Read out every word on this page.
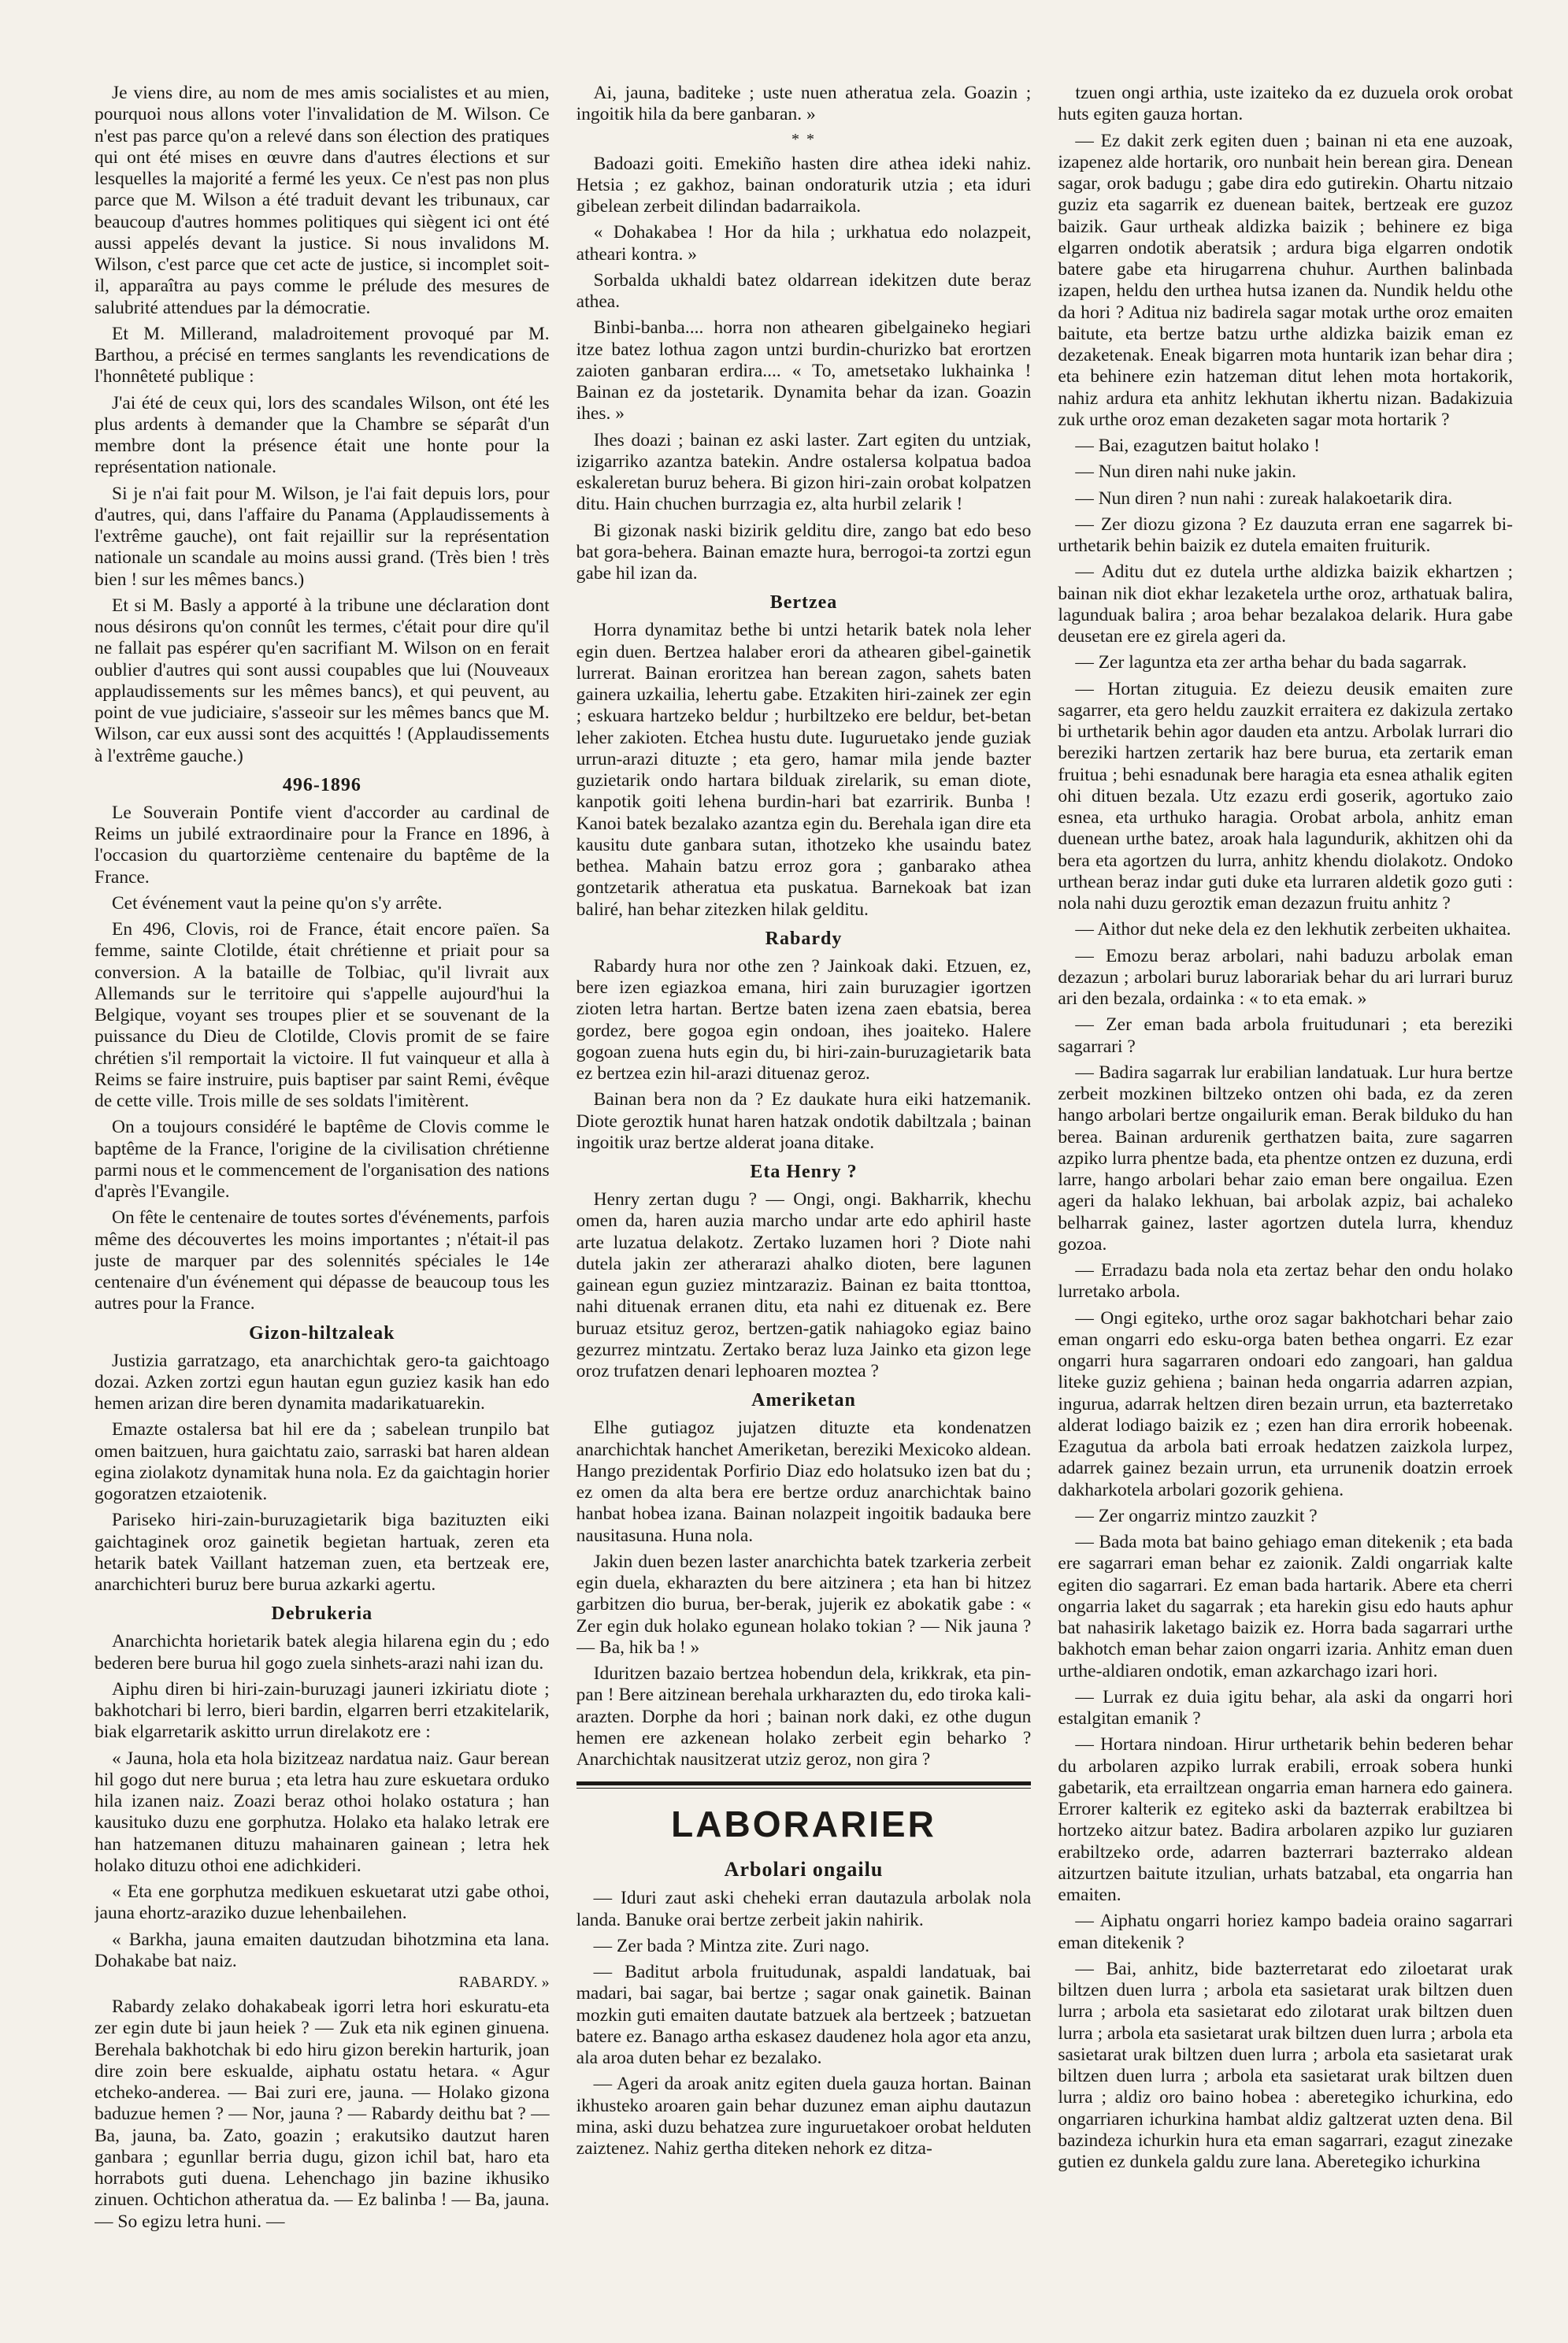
Je viens dire, au nom de mes amis socialistes et au mien, pourquoi nous allons voter l'invalidation de M. Wilson. Ce n'est pas parce qu'on a relevé dans son élection des pratiques qui ont été mises en œuvre dans d'autres élections et sur lesquelles la majorité a fermé les yeux. Ce n'est pas non plus parce que M. Wilson a été traduit devant les tribunaux, car beaucoup d'autres hommes politiques qui siègent ici ont été aussi appelés devant la justice. Si nous invalidons M. Wilson, c'est parce que cet acte de justice, si incomplet soit-il, apparaîtra au pays comme le prélude des mesures de salubrité attendues par la démocratie.

Et M. Millerand, maladroitement provoqué par M. Barthou, a précisé en termes sanglants les revendications de l'honnêteté publique :

J'ai été de ceux qui, lors des scandales Wilson, ont été les plus ardents à demander que la Chambre se séparât d'un membre dont la présence était une honte pour la représentation nationale.

Si je n'ai fait pour M. Wilson, je l'ai fait depuis lors, pour d'autres, qui, dans l'affaire du Panama (Applaudissements à l'extrême gauche), ont fait rejaillir sur la représentation nationale un scandale au moins aussi grand. (Très bien ! très bien ! sur les mêmes bancs.)

Et si M. Basly a apporté à la tribune une déclaration dont nous désirons qu'on connût les termes, c'était pour dire qu'il ne fallait pas espérer qu'en sacrifiant M. Wilson on en ferait oublier d'autres qui sont aussi coupables que lui (Nouveaux applaudissements sur les mêmes bancs), et qui peuvent, au point de vue judiciaire, s'asseoir sur les mêmes bancs que M. Wilson, car eux aussi sont des acquittés ! (Applaudissements à l'extrême gauche.)

496-1896

Le Souverain Pontife vient d'accorder au cardinal de Reims un jubilé extraordinaire pour la France en 1896, à l'occasion du quartorzième centenaire du baptême de la France.

Cet événement vaut la peine qu'on s'y arrête.

En 496, Clovis, roi de France, était encore païen. Sa femme, sainte Clotilde, était chrétienne et priait pour sa conversion. A la bataille de Tolbiac, qu'il livrait aux Allemands sur le territoire qui s'appelle aujourd'hui la Belgique, voyant ses troupes plier et se souvenant de la puissance du Dieu de Clotilde, Clovis promit de se faire chrétien s'il remportait la victoire. Il fut vainqueur et alla à Reims se faire instruire, puis baptiser par saint Remi, évêque de cette ville. Trois mille de ses soldats l'imitèrent.

On a toujours considéré le baptême de Clovis comme le baptême de la France, l'origine de la civilisation chrétienne parmi nous et le commencement de l'organisation des nations d'après l'Evangile.

On fête le centenaire de toutes sortes d'événements, parfois même des découvertes les moins importantes ; n'était-il pas juste de marquer par des solennités spéciales le 14e centenaire d'un événement qui dépasse de beaucoup tous les autres pour la France.

Gizon-hiltzaleak

Justizia garratzago, eta anarchichtak gero-ta gaichtoago dozai. Azken zortzi egun hautan egun guziez kasik han edo hemen arizan dire beren dynamita madarikatuarekin.

Emazte ostalersa bat hil ere da ; sabelean trunpilo bat omen baitzuen, hura gaichtatu zaio, sarraski bat haren aldean egina ziolakotz dynamitak huna nola. Ez da gaichtagin horier gogoratzen etzaiotenik.

Pariseko hiri-zain-buruzagietarik biga bazituzten eiki gaichtaginek oroz gainetik begietan hartuak, zeren eta hetarik batek Vaillant hatzeman zuen, eta bertzeak ere, anarchichteri buruz bere burua azkarki agertu.

Debrukeria

Anarchichta horietarik batek alegia hilarena egin du ; edo bederen bere burua hil gogo zuela sinhets-arazi nahi izan du.

Aiphu diren bi hiri-zain-buruzagi jauneri izkiriatu diote ; bakhotchari bi lerro, bieri bardin, elgarren berri etzakitelarik, biak elgarretarik askitto urrun direlakotz ere :

« Jauna, hola eta hola bizitzeaz nardatua naiz. Gaur berean hil gogo dut nere burua ; eta letra hau zure eskuetara orduko hila izanen naiz. Zoazi beraz othoi holako ostatura ; han kausituko duzu ene gorphutza. Holako eta halako letrak ere han hatzemanen dituzu mahainaren gainean ; letra hek holako dituzu othoi ene adichkideri.

« Eta ene gorphutza medikuen eskuetarat utzi gabe othoi, jauna ehortz-araziko duzue lehenbailehen.

« Barkha, jauna emaiten dautzudan bihotzmina eta lana. Dohakabe bat naiz.

RABARDY. »

Rabardy zelako dohakabeak igorri letra hori eskuratu-eta zer egin dute bi jaun heiek ? — Zuk eta nik eginen ginuena. Berehala bakhotchak bi edo hiru gizon berekin harturik, joan dire zoin bere eskualde, aiphatu ostatu hetara. « Agur etcheko-anderea. — Bai zuri ere, jauna. — Holako gizona baduzue hemen ? — Nor, jauna ? — Rabardy deithu bat ? — Ba, jauna, ba. Zato, goazin ; erakutsiko dautzut haren ganbara ; egunllar berria dugu, gizon ichil bat, haro eta horrabots guti duena. Lehenchago jin bazine ikhusiko zinuen. Ochtichon atheratua da. — Ez balinba ! — Ba, jauna. — So egizu letra huni. —

Ai, jauna, baditeke ; uste nuen atheratua zela. Goazin ; ingoitik hila da bere ganbaran. »

* *

Badoazi goiti. Emekiño hasten dire athea ideki nahiz. Hetsia ; ez gakhoz, bainan ondoraturik utzia ; eta iduri gibelean zerbeit dilindan badarraikola.

« Dohakabea ! Hor da hila ; urkhatua edo nolazpeit, atheari kontra. »

Sorbalda ukhaldi batez oldarrean idekitzen dute beraz athea.

Binbi-banba.... horra non athearen gibelgaineko hegiari itze batez lothua zagon untzi burdin-churizko bat erortzen zaioten ganbaran erdira.... « To, ametsetako lukhainka ! Bainan ez da jostetarik. Dynamita behar da izan. Goazin ihes. »

Ihes doazi ; bainan ez aski laster. Zart egiten du untziak, izigarriko azantza batekin. Andre ostalersa kolpatua badoa eskaleretan buruz behera. Bi gizon hiri-zain orobat kolpatzen ditu. Hain chuchen burrzagia ez, alta hurbil zelarik !

Bi gizonak naski bizirik gelditu dire, zango bat edo beso bat gora-behera. Bainan emazte hura, berrogoi-ta zortzi egun gabe hil izan da.

Bertzea

Horra dynamitaz bethe bi untzi hetarik batek nola leher egin duen. Bertzea halaber erori da athearen gibel-gainetik lurrerat. Bainan eroritzea han berean zagon, sahets baten gainera uzkailia, lehertu gabe. Etzakiten hiri-zainek zer egin ; eskuara hartzeko beldur ; hurbiltzeko ere beldur, bet-betan leher zakioten. Etchea hustu dute. Iuguruetako jende guziak urrun-arazi dituzte ; eta gero, hamar mila jende bazter guzietarik ondo hartara bilduak zirelarik, su eman diote, kanpotik goiti lehena burdin-hari bat ezarririk. Bunba ! Kanoi batek bezalako azantza egin du. Berehala igan dire eta kausitu dute ganbara sutan, ithotzeko khe usaindu batez bethea. Mahain batzu erroz gora ; ganbarako athea gontzetarik atheratua eta puskatua. Barnekoak bat izan baliré, han behar zitezken hilak gelditu.

Rabardy

Rabardy hura nor othe zen ? Jainkoak daki. Etzuen, ez, bere izen egiazkoa emana, hiri zain buruzagier igortzen zioten letra hartan. Bertze baten izena zaen ebatsia, berea gordez, bere gogoa egin ondoan, ihes joaiteko. Halere gogoan zuena huts egin du, bi hiri-zain-buruzagietarik bata ez bertzea ezin hil-arazi dituenaz geroz.

Bainan bera non da ? Ez daukate hura eiki hatzemanik. Diote geroztik hunat haren hatzak ondotik dabiltzala ; bainan ingoitik uraz bertze alderat joana ditake.

Eta Henry ?

Henry zertan dugu ? — Ongi, ongi. Bakharrik, khechu omen da, haren auzia marcho undar arte edo aphiril haste arte luzatua delakotz. Zertako luzamen hori ? Diote nahi dutela jakin zer atherarazi ahalko dioten, bere lagunen gainean egun guziez mintzaraziz. Bainan ez baita ttonttoa, nahi dituenak erranen ditu, eta nahi ez dituenak ez. Bere buruaz etsituz geroz, bertzen-gatik nahiagoko egiaz baino gezurrez mintzatu. Zertako beraz luza Jainko eta gizon lege oroz trufatzen denari lephoaren moztea ?

Ameriketan

Elhe gutiagoz jujatzen dituzte eta kondenatzen anarchichtak hanchet Ameriketan, bereziki Mexicoko aldean. Hango prezidentak Porfirio Diaz edo holatsuko izen bat du ; ez omen da alta bera ere bertze orduz anarchichtak baino hanbat hobea izana. Bainan nolazpeit ingoitik badauka bere nausitasuna. Huna nola.

Jakin duen bezen laster anarchichta batek tzarkeria zerbeit egin duela, ekharazten du bere aitzinera ; eta han bi hitzez garbitzen dio burua, ber-berak, jujerik ez abokatik gabe : « Zer egin duk holako egunean holako tokian ? — Nik jauna ? — Ba, hik ba ! »

Iduritzen bazaio bertzea hobendun dela, krikkrak, eta pin-pan ! Bere aitzinean berehala urkharazten du, edo tiroka kali-arazten. Dorphe da hori ; bainan nork daki, ez othe dugun hemen ere azkenean holako zerbeit egin beharko ? Anarchichtak nausitzerat utziz geroz, non gira ?

LABORARIER
Arbolari ongailu

— Iduri zaut aski cheheki erran dautazula arbolak nola landa. Banuke orai bertze zerbeit jakin nahirik.

— Zer bada ? Mintza zite. Zuri nago.

— Baditut arbola fruitudunak, aspaldi landatuak, bai madari, bai sagar, bai bertze ; sagar onak gainetik. Bainan mozkin guti emaiten dautate batzuek ala bertzeek ; batzuetan batere ez. Banago artha eskasez daudenez hola agor eta anzu, ala aroa duten behar ez bezalako.

— Ageri da aroak anitz egiten duela gauza hortan. Bainan ikhusteko aroaren gain behar duzunez eman aiphu dautazun mina, aski duzu behatzea zure inguruetakoer orobat helduten zaiztenez. Nahiz gertha diteken nehork ez ditza-

tzuen ongi arthia, uste izaiteko da ez duzuela orok orobat huts egiten gauza hortan.

— Ez dakit zerk egiten duen ; bainan ni eta ene auzoak, izapenez alde hortarik, oro nunbait hein berean gira. Denean sagar, orok badugu ; gabe dira edo gutirekin. Ohartu nitzaio guziz eta sagarrik ez duenean baitek, bertzeak ere guzoz baizik. Gaur urtheak aldizka baizik ; behinere ez biga elgarren ondotik aberatsik ; ardura biga elgarren ondotik batere gabe eta hirugarrena chuhur. Aurthen balinbada izapen, heldu den urthea hutsa izanen da. Nundik heldu othe da hori ? Aditua niz badirela sagar motak urthe oroz emaiten baitute, eta bertze batzu urthe aldizka baizik eman ez dezaketenak. Eneak bigarren mota huntarik izan behar dira ; eta behinere ezin hatzeman ditut lehen mota hortakorik, nahiz ardura eta anhitz lekhutan ikhertu nizan. Badakizuia zuk urthe oroz eman dezaketen sagar mota hortarik ?

— Bai, ezagutzen baitut holako !

— Nun diren nahi nuke jakin.

— Nun diren ? nun nahi : zureak halakoetarik dira.

— Zer diozu gizona ? Ez dauzuta erran ene sagarrek bi-urthetarik behin baizik ez dutela emaiten fruiturik.

— Aditu dut ez dutela urthe aldizka baizik ekhartzen ; bainan nik diot ekhar lezaketela urthe oroz, arthatuak balira, lagunduak balira ; aroa behar bezalakoa delarik. Hura gabe deusetan ere ez girela ageri da.

— Zer laguntza eta zer artha behar du bada sagarrak.

— Hortan zituguia. Ez deiezu deusik emaiten zure sagarrer, eta gero heldu zauzkit erraitera ez dakizula zertako bi urthetarik behin agor dauden eta antzu. Arbolak lurrari dio bereziki hartzen zertarik haz bere burua, eta zertarik eman fruitua ; behi esnadunak bere haragia eta esnea athalik egiten ohi dituen bezala. Utz ezazu erdi goserik, agortuko zaio esnea, eta urthuko haragia. Orobat arbola, anhitz eman duenean urthe batez, aroak hala lagundurik, akhitzen ohi da bera eta agortzen du lurra, anhitz khendu diolakotz. Ondoko urthean beraz indar guti duke eta lurraren aldetik gozo guti : nola nahi duzu geroztik eman dezazun fruitu anhitz ?

— Aithor dut neke dela ez den lekhutik zerbeiten ukhaitea.

— Emozu beraz arbolari, nahi baduzu arbolak eman dezazun ; arbolari buruz laborariak behar du ari lurrari buruz ari den bezala, ordainka : « to eta emak. »

— Zer eman bada arbola fruitudunari ; eta bereziki sagarrari ?

— Badira sagarrak lur erabilian landatuak. Lur hura bertze zerbeit mozkinen biltzeko ontzen ohi bada, ez da zeren hango arbolari bertze ongailurik eman. Berak bilduko du han berea. Bainan ardurenik gerthatzen baita, zure sagarren azpiko lurra phentze bada, eta phentze ontzen ez duzuna, erdi larre, hango arbolari behar zaio eman bere ongailua. Ezen ageri da halako lekhuan, bai arbolak azpiz, bai achaleko belharrak gainez, laster agortzen dutela lurra, khenduz gozoa.

— Erradazu bada nola eta zertaz behar den ondu holako lurretako arbola.

— Ongi egiteko, urthe oroz sagar bakhotchari behar zaio eman ongarri edo esku-orga baten bethea ongarri. Ez ezar ongarri hura sagarraren ondoari edo zangoari, han galdua liteke guziz gehiena ; bainan heda ongarria adarren azpian, ingurua, adarrak heltzen diren bezain urrun, eta bazterretako alderat lodiago baizik ez ; ezen han dira errorik hobeenak. Ezagutua da arbola bati erroak hedatzen zaizkola lurpez, adarrek gainez bezain urrun, eta urrunenik doatzin erroek dakharkotela arbolari gozorik gehiena.

— Zer ongarriz mintzo zauzkit ?

— Bada mota bat baino gehiago eman ditekenik ; eta bada ere sagarrari eman behar ez zaionik. Zaldi ongarriak kalte egiten dio sagarrari. Ez eman bada hartarik. Abere eta cherri ongarria laket du sagarrak ; eta harekin gisu edo hauts aphur bat nahasirik laketago baizik ez. Horra bada sagarrari urthe bakhotch eman behar zaion ongarri izaria. Anhitz eman duen urthe-aldiaren ondotik, eman azkarchago izari hori.

— Lurrak ez duia igitu behar, ala aski da ongarri hori estalgitan emanik ?

— Hortara nindoan. Hirur urthetarik behin bederen behar du arbolaren azpiko lurrak erabili, erroak sobera hunki gabetarik, eta errailtzean ongarria eman harnera edo gainera. Errorer kalterik ez egiteko aski da bazterrak erabiltzea bi hortzeko aitzur batez. Badira arbolaren azpiko lur guziaren erabiltzeko orde, adarren bazterrari bazterrako aldean aitzurtzen baitute itzulian, urhats batzabal, eta ongarria han emaiten.

— Aiphatu ongarri horiez kampo badeia oraino sagarrari eman ditekenik ?

— Bai, anhitz, bide bazterretarat edo ziloetarat urak biltzen duen lurra ; arbola eta sasietarat urak biltzen duen lurra ; arbola eta sasietarat edo zilotarat urak biltzen duen lurra ; arbola eta sasietarat urak biltzen duen lurra ; arbola eta sasietarat urak biltzen duen lurra ; arbola eta sasietarat urak biltzen duen lurra ; arbola eta sasietarat urak biltzen duen lurra ; aldiz oro baino hobea : aberetegiko ichurkina, edo ongarriaren ichurkina hambat aldiz galtzerat uzten dena. Bil bazindeza ichurkin hura eta eman sagarrari, ezagut zinezake gutien ez dunkela galdu zure lana. Aberetegiko ichurkina
